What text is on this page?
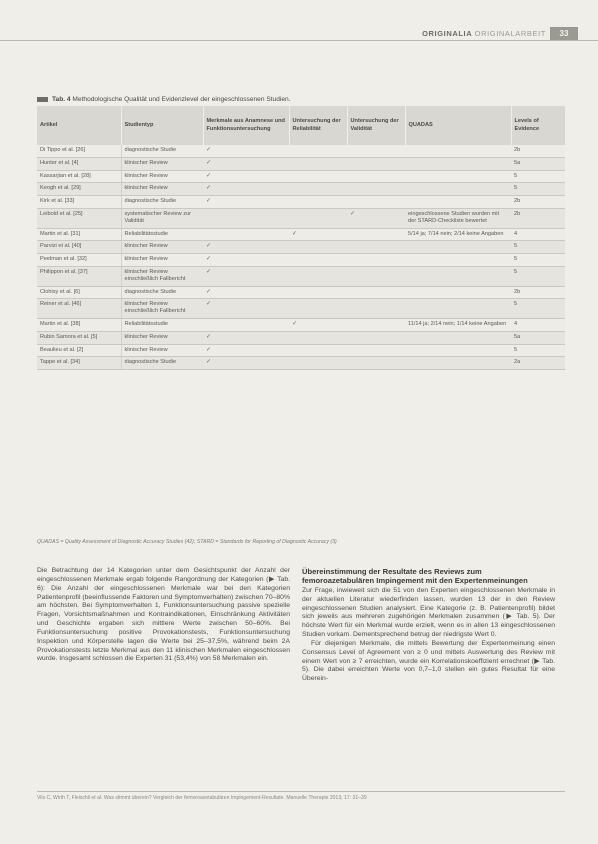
ORIGINALIA ORIGINALARBEIT	33
Tab. 4 Methodologische Qualität und Evidenzlevel der eingeschlossenen Studien.
Artikel	Studientyp	Merkmale aus Anamnese und Funktionsuntersuchung	Untersuchung der Reliabilität	Untersuchung der Validität	QUADAS	Levels of Evidence
Di Tippo et al. [26]	diagnostische Studie	✓				2b
Hunter et al. [4]	klinischer Review	✓				5a
Kassarjian et al. [28]	klinischer Review	✓				5
Keogh et al. [29]	klinischer Review	✓				5
Kirk et al. [33]	diagnostische Studie	✓				2b
Leibold et al. [25]	systematischer Review zur Validität			✓	eingeschlossene Studien wurden mit der STARD-Checkliste bewertet	2b
Martin et al. [31]	Reliabilitätsstudie		✓		5/14 ja; 7/14 nein; 2/14 keine Angaben	4
Parvizi et al. [40]	klinischer Review	✓				5
Peelman et al. [32]	klinischer Review	✓				5
Philippon et al. [37]	klinischer Review einschließlich Fallbericht	✓				5
Clohisy et al. [6]	diagnostische Studie	✓				2b
Reiner et al. [46]	klinischer Review einschließlich Fallbericht	✓				5
Martin et al. [38]	Reliabilitätsstudie		✓		11/14 ja; 2/14 nein; 1/14 keine Angaben	4
Rubin Samora et al. [5]	klinischer Review	✓				5a
Beaulieu et al. [2]	klinischer Review	✓				5
Tappe et al. [34]	diagnostische Studie	✓				2a
QUADAS = Quality Assessment of Diagnostic Accuracy Studies (42); STARD = Standards for Reporting of Diagnostic Accuracy (3)

Die Betrachtung der 14 Kategorien unter dem Gesichtspunkt der Anzahl der eingeschlossenen Merkmale ergab folgende Rangordnung der Kategorien (▶ Tab. 6): Die Anzahl der eingeschlossenen Merkmale war bei den Kategorien Patientenprofil (beeinflussende Faktoren und Symptomverhalten) zwischen 70–80% am höchsten. Bei Symptomverhalten 1, Funktionsuntersuchung passive spezielle Fragen, Vorsichtsmaßnahmen und Kontraindikationen, Einschränkung Aktivitäten und Geschichte ergaben sich mittlere Werte zwischen 50–60%. Bei Funktionsuntersuchung positive Provokationstests, Funktionsuntersuchung Inspektion und Körperstelle lagen die Werte bei 25–37,5%, während beim 2A Provokationstests letzte Merkmal aus den 11 klinischen Merkmalen eingeschlossen wurde. Insgesamt schlossen die Experten 31 (53,4%) von 58 Merkmalen ein.

Übereinstimmung der Resultate des Reviews zum femoroazetabulären Impingement mit den Expertenmeinungen

Zur Frage, inwieweit sich die 51 von den Experten eingeschlossenen Merkmale in der aktuellen Literatur wiederfinden lassen, wurden 13 der in den Review eingeschlossenen Studien analysiert. Eine Kategorie (z. B. Patientenprofil) bildet sich jeweils aus mehreren zugehörigen Merkmalen zusammen (▶ Tab. 5). Der höchste Wert für ein Merkmal wurde erzielt, wenn es in allen 13 eingeschlossenen Studien vorkam. Dementsprechend betrug der niedrigste Wert 0.

Für diejenigen Merkmale, die mittels Bewertung der Expertenmeinung einen Consensus Level of Agreement von ≥ 0 und mittels Auswertung des Review mit einem Wert von ≥ 7 erreichten, wurde ein Korrelationskoeffizient errechnet (▶ Tab. 5). Die dabei erreichten Werte von 0,7–1,0 stellen ein gutes Resultat für eine Überein-

Vils C, Wirth T, Fleischli et al. Was stimmt überein? Vergleich der femoroazetabulären Impingement-Resultate. Manuelle Therapie 2013; 17: 31–39
